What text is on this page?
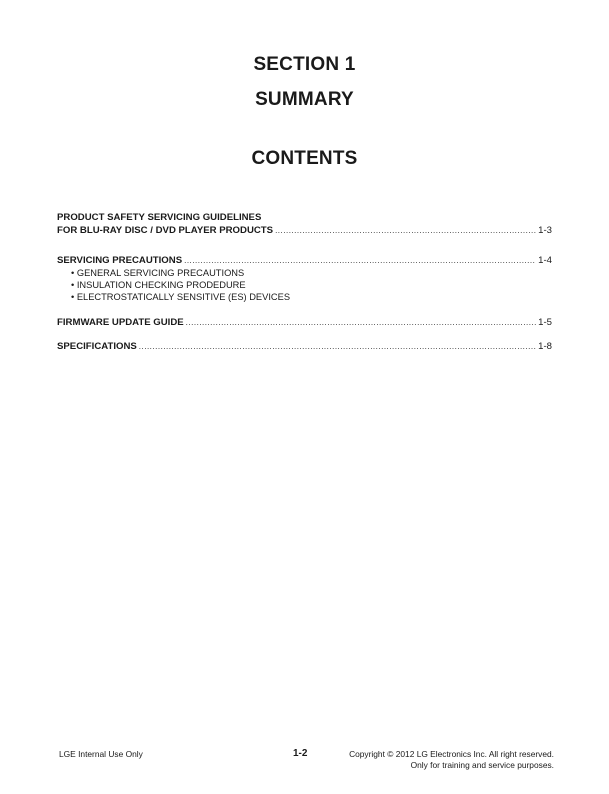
SECTION 1
SUMMARY
CONTENTS
PRODUCT SAFETY SERVICING GUIDELINES
FOR BLU-RAY DISC / DVD PLAYER PRODUCTS .....	1-3
SERVICING PRECAUTIONS .....	1-4
• GENERAL SERVICING PRECAUTIONS
• INSULATION CHECKING PRODEDURE
• ELECTROSTATICALLY SENSITIVE (ES) DEVICES
FIRMWARE UPDATE GUIDE .....	1-5
SPECIFICATIONS .....	1-8
LGE Internal Use Only	1-2	Copyright © 2012 LG Electronics Inc. All right reserved.
Only for training and service purposes.
